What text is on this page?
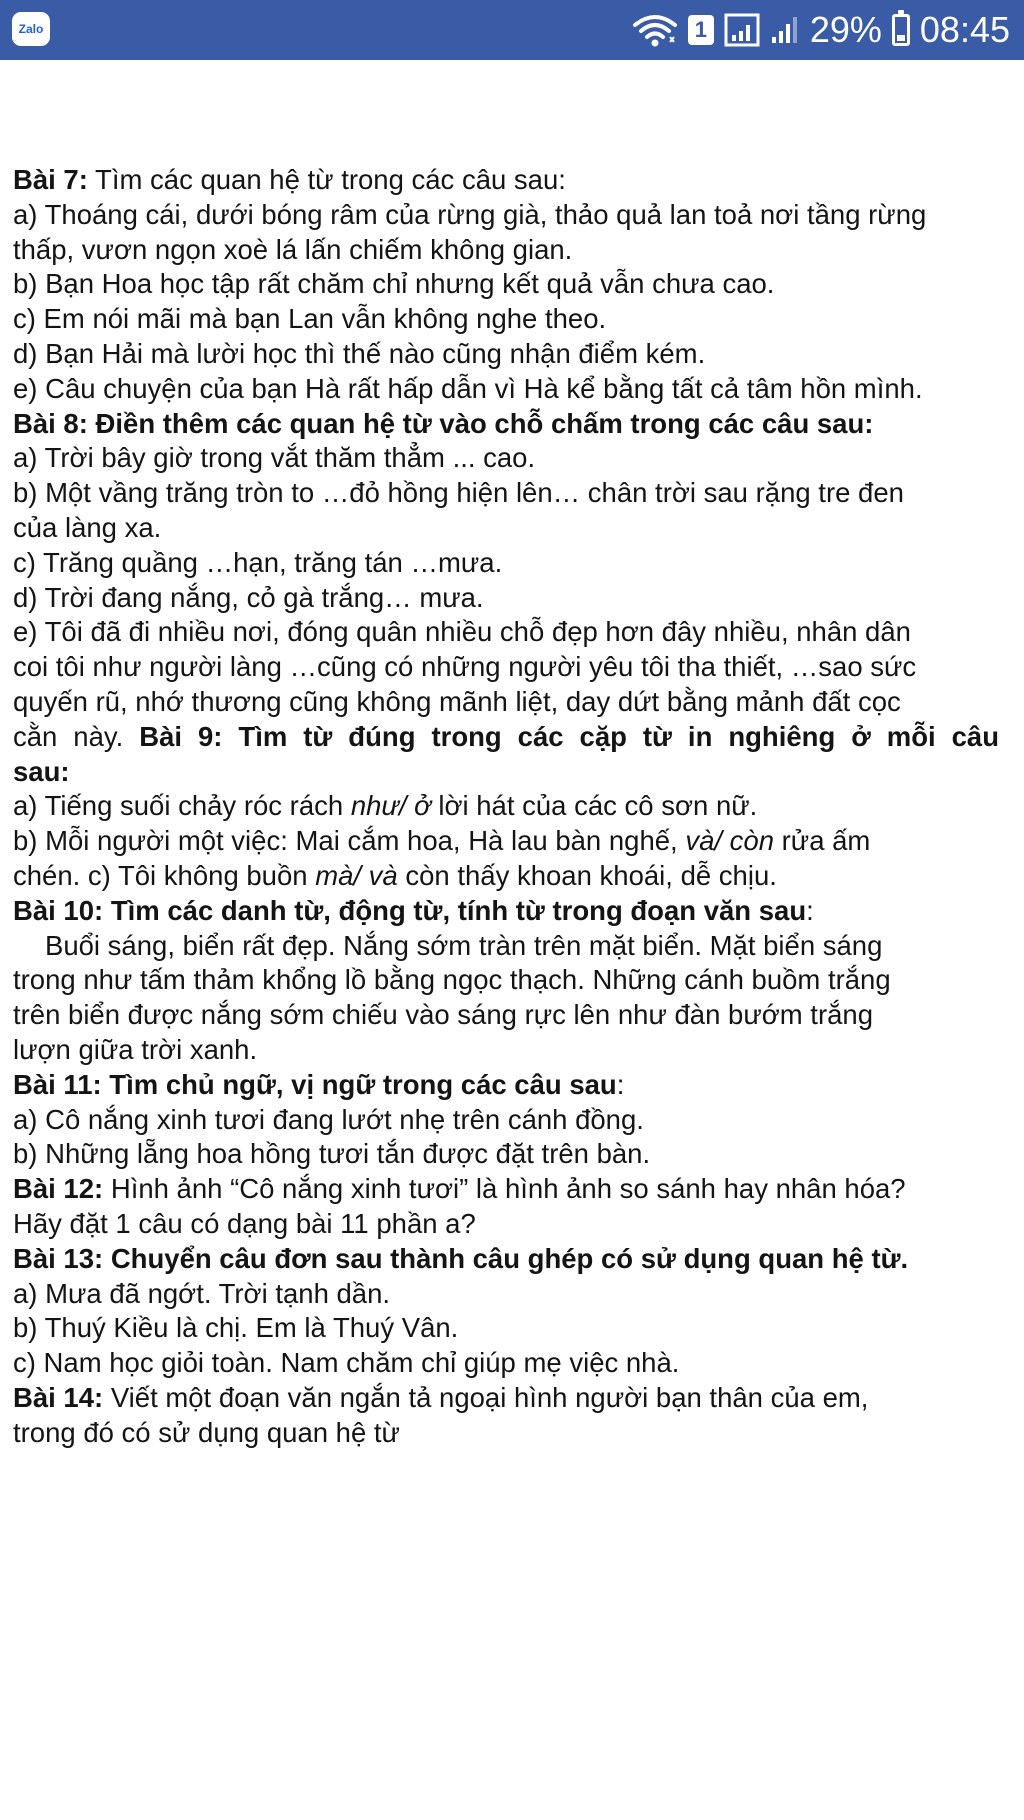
Zalo	1	29% 08:45
Bài 7: Tìm các quan hệ từ trong các câu sau:
a) Thoáng cái, dưới bóng râm của rừng già, thảo quả lan toả nơi tầng rừng
thấp, vươn ngọn xoè lá lấn chiếm không gian.
b) Bạn Hoa học tập rất chăm chỉ nhưng kết quả vẫn chưa cao.
c) Em nói mãi mà bạn Lan vẫn không nghe theo.
d) Bạn Hải mà lười học thì thế nào cũng nhận điểm kém.
e) Câu chuyện của bạn Hà rất hấp dẫn vì Hà kể bằng tất cả tâm hồn mình.
Bài 8: Điền thêm các quan hệ từ vào chỗ chấm trong các câu sau:
a) Trời bây giờ trong vắt thăm thẳm ... cao.
b) Một vầng trăng tròn to …đỏ hồng hiện lên… chân trời sau rặng tre đen
của làng xa.
c) Trăng quầng …hạn, trăng tán …mưa.
d) Trời đang nắng, cỏ gà trắng… mưa.
e) Tôi đã đi nhiều nơi, đóng quân nhiều chỗ đẹp hơn đây nhiều, nhân dân
coi tôi như người làng …cũng có những người yêu tôi tha thiết, …sao sức
quyến rũ, nhớ thương cũng không mãnh liệt, day dứt bằng mảnh đất cọc
cằn này. Bài 9: Tìm từ đúng trong các cặp từ in nghiêng ở mỗi câu
sau:
a) Tiếng suối chảy róc rách như/ ở lời hát của các cô sơn nữ.
b) Mỗi người một việc: Mai cắm hoa, Hà lau bàn nghế, và/ còn rửa ấm
chén. c) Tôi không buồn mà/ và còn thấy khoan khoái, dễ chịu.
Bài 10: Tìm các danh từ, động từ, tính từ trong đoạn văn sau:
Buổi sáng, biển rất đẹp. Nắng sớm tràn trên mặt biển. Mặt biển sáng
trong như tấm thảm khổng lồ bằng ngọc thạch. Những cánh buồm trắng
trên biển được nắng sớm chiếu vào sáng rực lên như đàn bướm trắng
lượn giữa trời xanh.
Bài 11: Tìm chủ ngữ, vị ngữ trong các câu sau:
a) Cô nắng xinh tươi đang lướt nhẹ trên cánh đồng.
b) Những lẵng hoa hồng tươi tắn được đặt trên bàn.
Bài 12: Hình ảnh “Cô nắng xinh tươi” là hình ảnh so sánh hay nhân hóa?
Hãy đặt 1 câu có dạng bài 11 phần a?
Bài 13: Chuyển câu đơn sau thành câu ghép có sử dụng quan hệ từ.
a) Mưa đã ngớt. Trời tạnh dần.
b) Thuý Kiều là chị. Em là Thuý Vân.
c) Nam học giỏi toàn. Nam chăm chỉ giúp mẹ việc nhà.
Bài 14: Viết một đoạn văn ngắn tả ngoại hình người bạn thân của em,
trong đó có sử dụng quan hệ từ
